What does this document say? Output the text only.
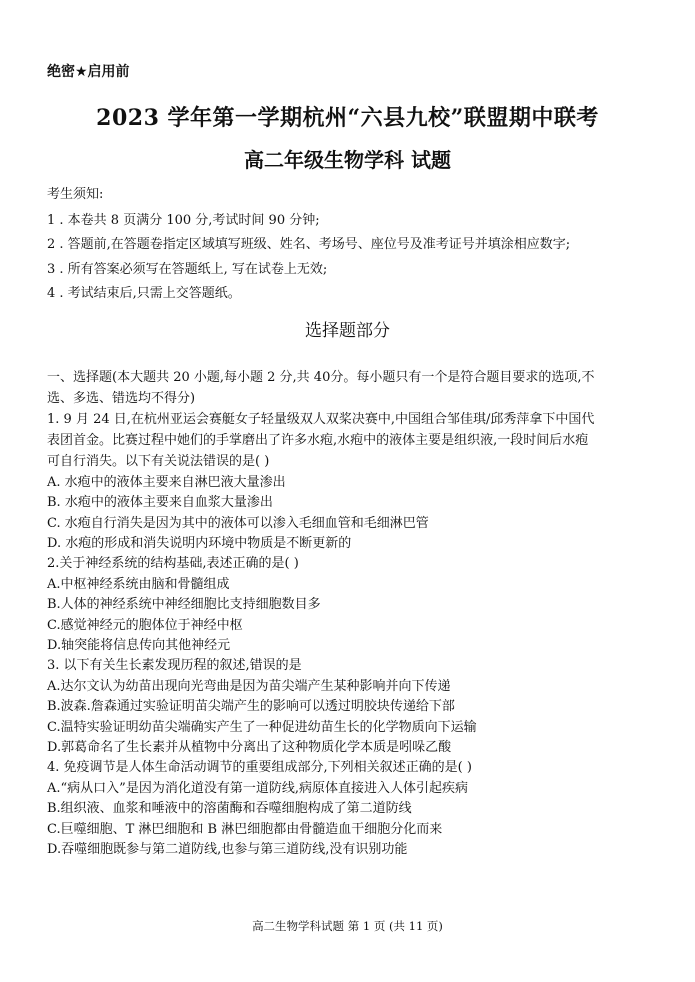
绝密★启用前
2023 学年第一学期杭州“六县九校”联盟期中联考
高二年级生物学科 试题
考生须知:
1 . 本卷共 8 页满分 100 分,考试时间 90 分钟;
2 . 答题前,在答题卷指定区域填写班级、姓名、考场号、座位号及准考证号并填涂相应数字;
3 . 所有答案必须写在答题纸上, 写在试卷上无效;
4 . 考试结束后,只需上交答题纸。
选择题部分
一、选择题(本大题共 20 小题,每小题 2 分,共 40分。每小题只有一个是符合题目要求的选项,不
选、多选、错选均不得分)
1. 9 月 24 日,在杭州亚运会赛艇女子轻量级双人双桨决赛中,中国组合邹佳琪/邱秀萍拿下中国代
表团首金。比赛过程中她们的手掌磨出了许多水疱,水疱中的液体主要是组织液,一段时间后水疱
可自行消失。以下有关说法错误的是( )
A. 水疱中的液体主要来自淋巴液大量渗出
B. 水疱中的液体主要来自血浆大量渗出
C. 水疱自行消失是因为其中的液体可以渗入毛细血管和毛细淋巴管
D. 水疱的形成和消失说明内环境中物质是不断更新的
2.关于神经系统的结构基础,表述正确的是( )
A.中枢神经系统由脑和骨髓组成
B.人体的神经系统中神经细胞比支持细胞数目多
C.感觉神经元的胞体位于神经中枢
D.轴突能将信息传向其他神经元
3. 以下有关生长素发现历程的叙述,错误的是
A.达尔文认为幼苗出现向光弯曲是因为苗尖端产生某种影响并向下传递
B.波森.詹森通过实验证明苗尖端产生的影响可以透过明胶块传递给下部
C.温特实验证明幼苗尖端确实产生了一种促进幼苗生长的化学物质向下运输
D.郭葛命名了生长素并从植物中分离出了这种物质化学本质是吲哚乙酸
4. 免疫调节是人体生命活动调节的重要组成部分,下列相关叙述正确的是( )
A.“病从口入”是因为消化道没有第一道防线,病原体直接进入人体引起疾病
B.组织液、血浆和唾液中的溶菌酶和吞噬细胞构成了第二道防线
C.巨噬细胞、T 淋巴细胞和 B 淋巴细胞都由骨髓造血干细胞分化而来
D.吞噬细胞既参与第二道防线,也参与第三道防线,没有识别功能
高二生物学科试题 第 1 页 (共 11 页)
